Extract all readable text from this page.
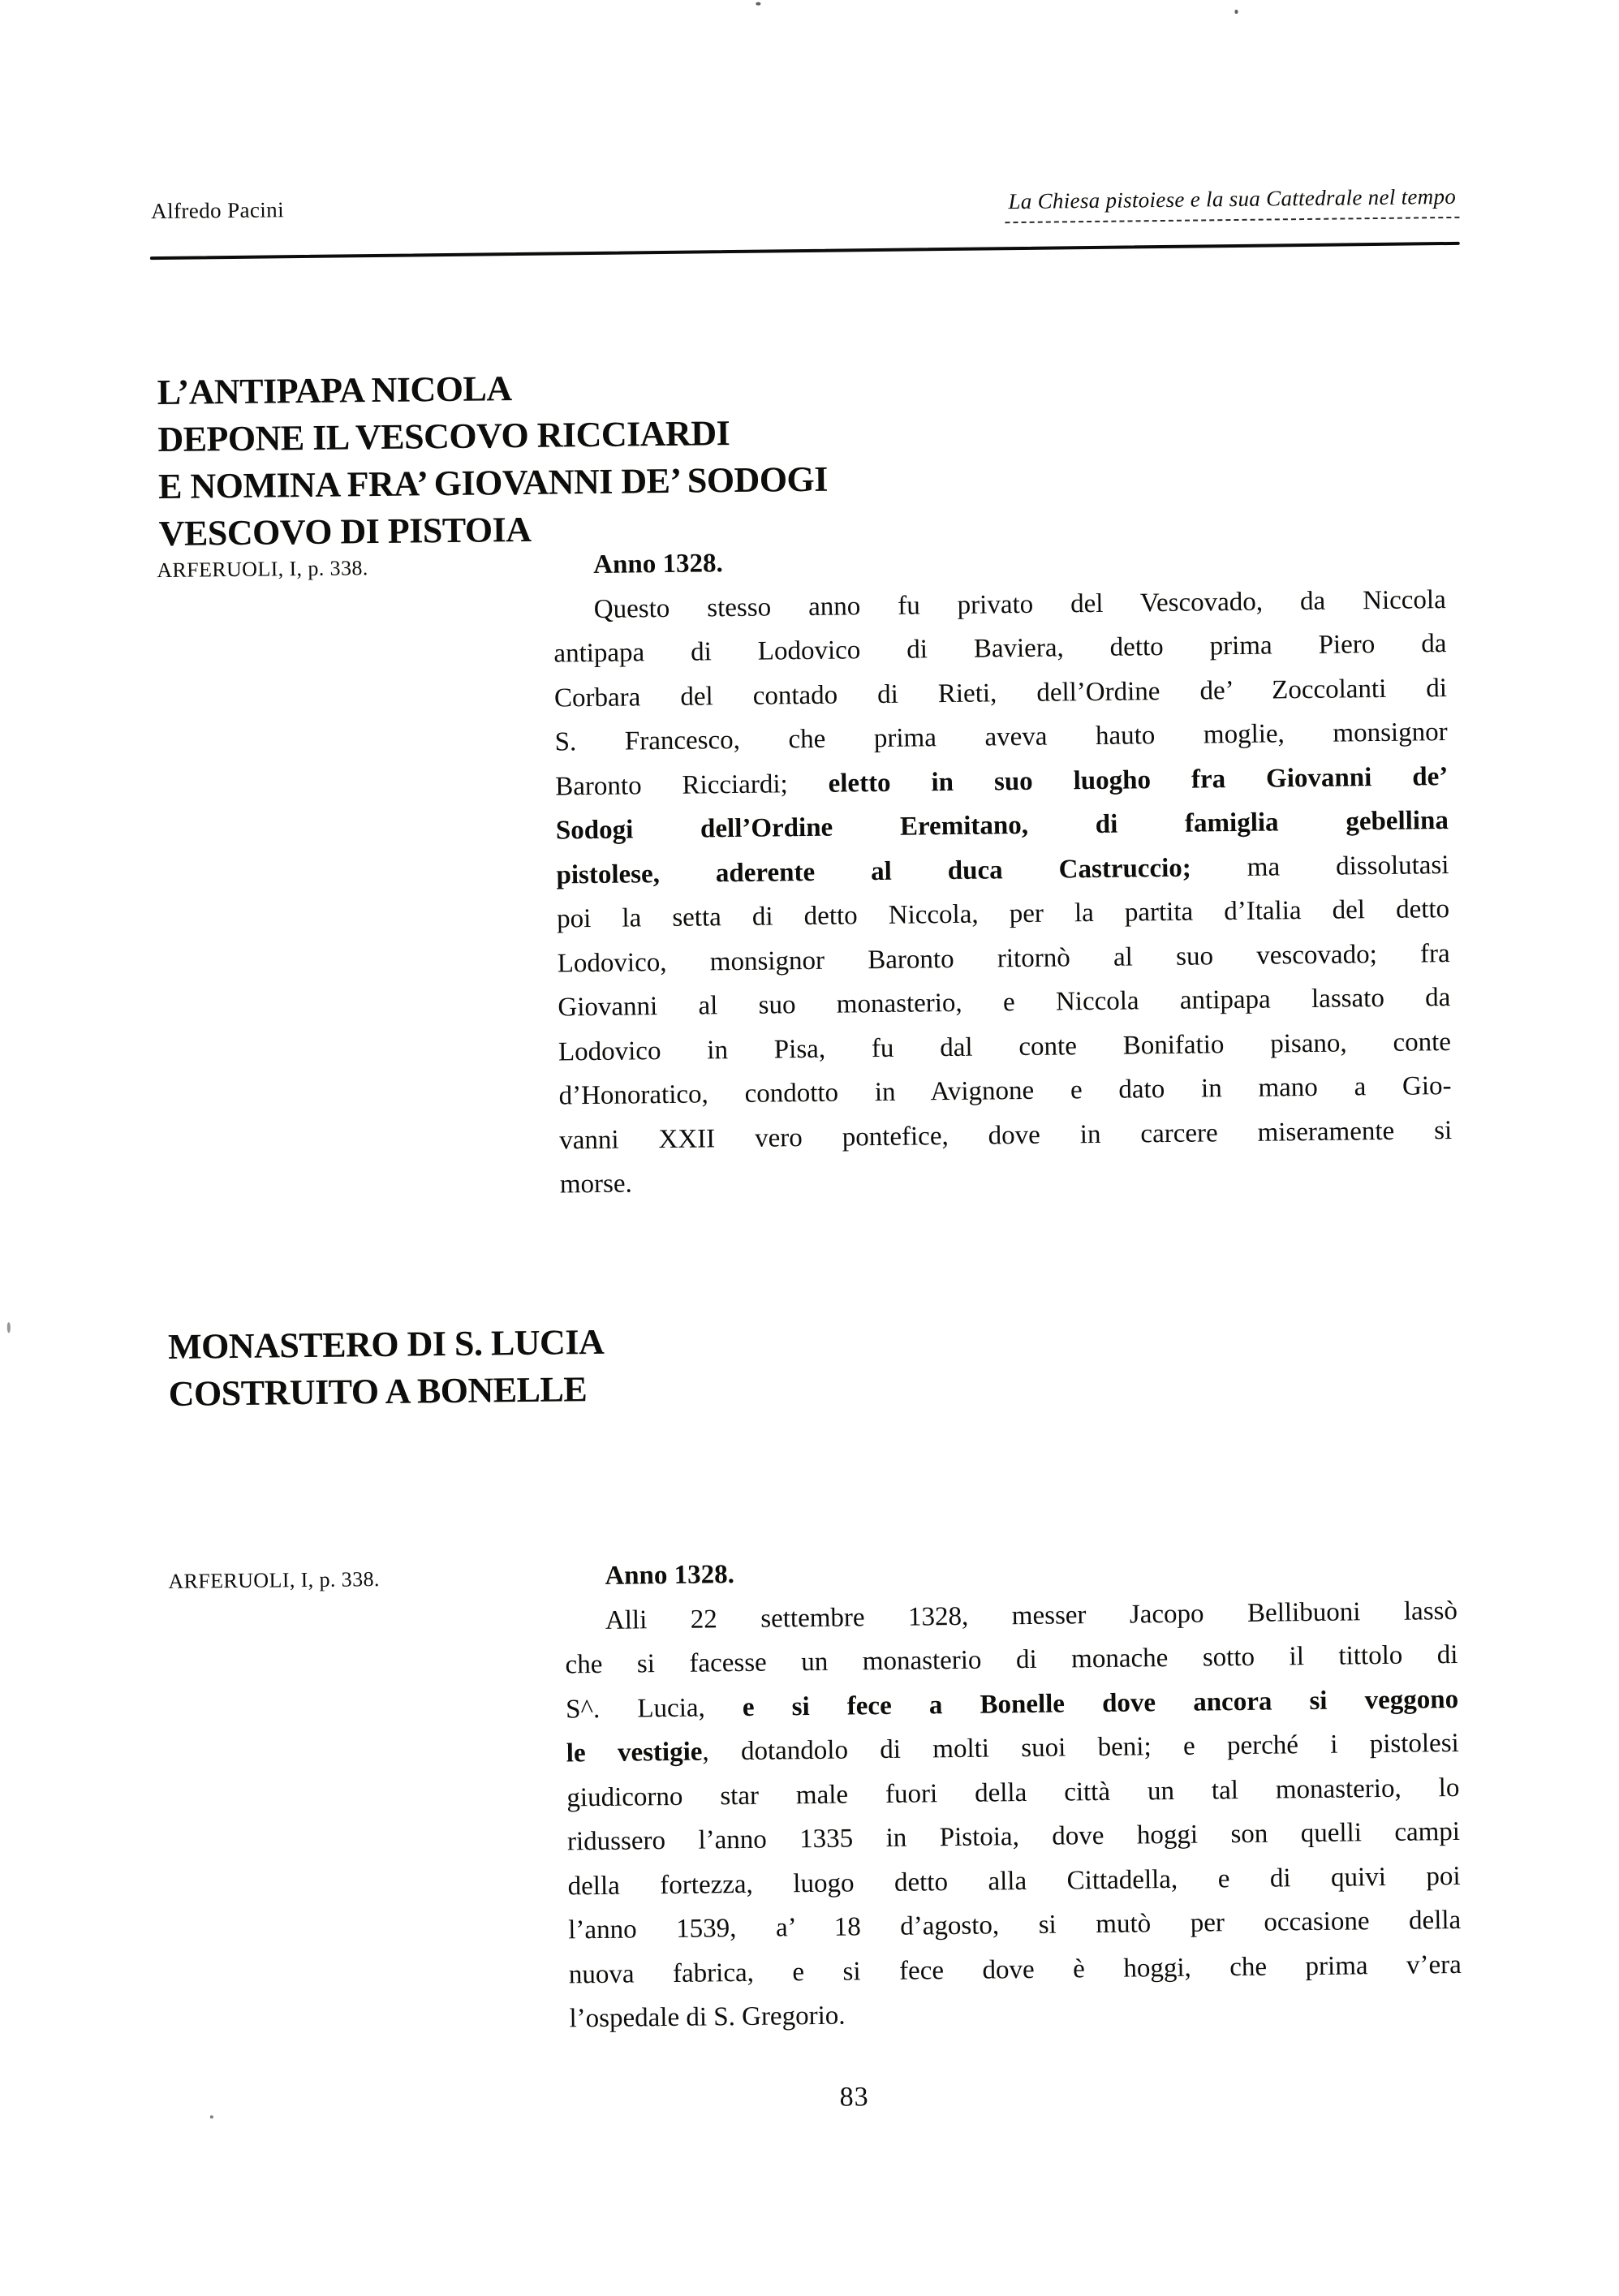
Alfredo Pacini	La Chiesa pistoiese e la sua Cattedrale nel tempo
L’ANTIPAPA NICOLA
DEPONE IL VESCOVO RICCIARDI
E NOMINA FRA’ GIOVANNI DE’ SODOGI
VESCOVO DI PISTOIA
ARFERUOLI, I, p. 338.	Anno 1328.
Questo stesso anno fu privato del Vescovado, da Niccola
antipapa di Lodovico di Baviera, detto prima Piero da
Corbara del contado di Rieti, dell’Ordine de’ Zoccolanti di
S. Francesco, che prima aveva hauto moglie, monsignor
Baronto Ricciardi; eletto in suo luogho fra Giovanni de’
Sodogi dell’Ordine Eremitano, di famiglia gebellina
pistolese, aderente al duca Castruccio; ma dissolutasi
poi la setta di detto Niccola, per la partita d’Italia del detto
Lodovico, monsignor Baronto ritornò al suo vescovado; fra
Giovanni al suo monasterio, e Niccola antipapa lassato da
Lodovico in Pisa, fu dal conte Bonifatio pisano, conte
d’Honoratico, condotto in Avignone e dato in mano a Gio-
vanni XXII vero pontefice, dove in carcere miseramente si
morse.
MONASTERO DI S. LUCIA
COSTRUITO A BONELLE
ARFERUOLI, I, p. 338.	Anno 1328.
Alli 22 settembre 1328, messer Jacopo Bellibuoni lassò
che si facesse un monasterio di monache sotto il tittolo di
S^. Lucia, e si fece a Bonelle dove ancora si veggono
le vestigie, dotandolo di molti suoi beni; e perché i pistolesi
giudicorno star male fuori della città un tal monasterio, lo
ridussero l’anno 1335 in Pistoia, dove hoggi son quelli campi
della fortezza, luogo detto alla Cittadella, e di quivi poi
l’anno 1539, a’ 18 d’agosto, si mutò per occasione della
nuova fabrica, e si fece dove è hoggi, che prima v’era
l’ospedale di S. Gregorio.
83
